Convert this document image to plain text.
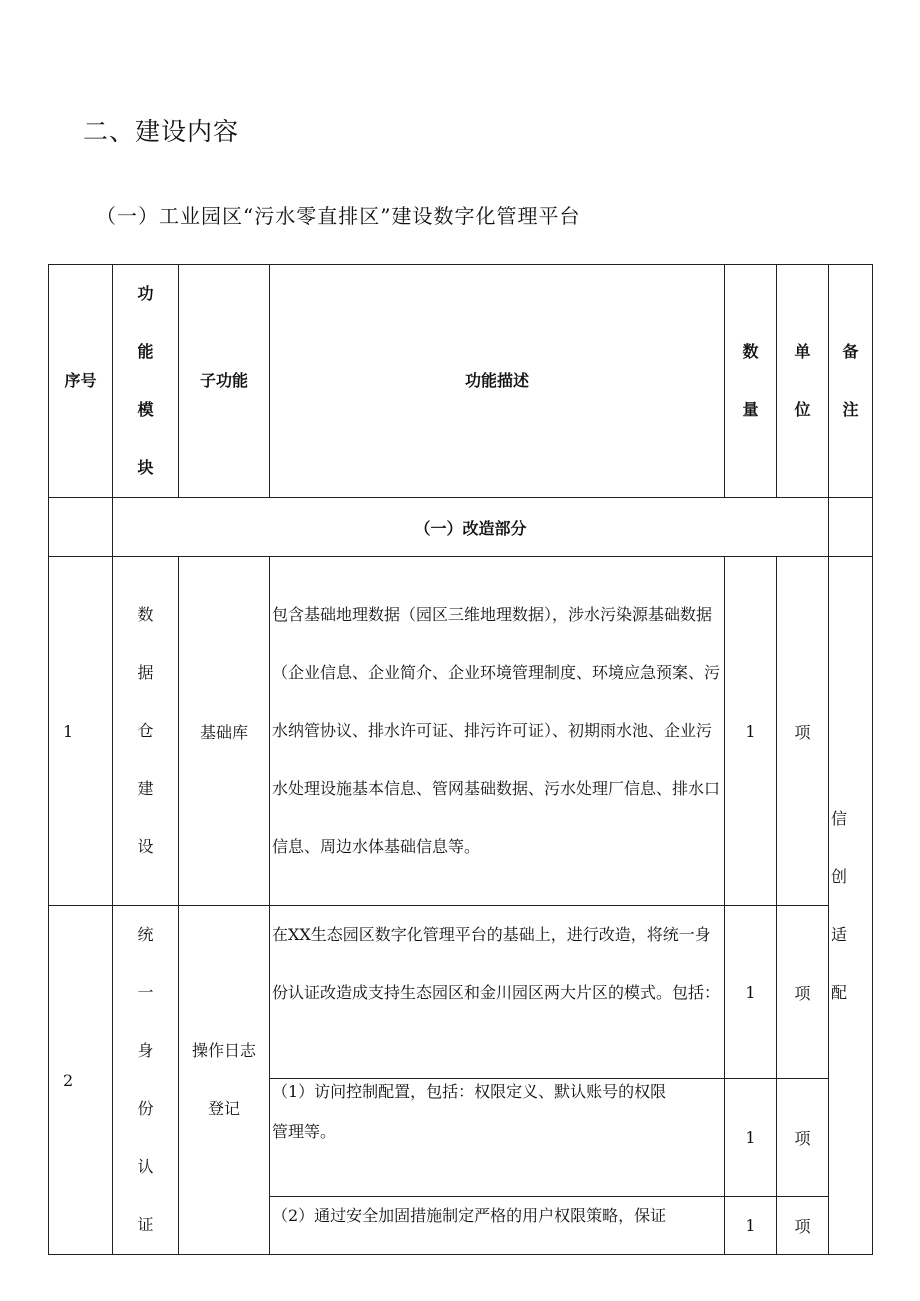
二、建设内容
（一）工业园区“污水零直排区”建设数字化管理平台
序号	功能模块	子功能	功能描述	数量	单位	备注
	（一）改造部分					
1	数据仓建设	基础库	包含基础地理数据（园区三维地理数据），涉水污染源基础数据（企业信息、企业简介、企业环境管理制度、环境应急预案、污水纳管协议、排水许可证、排污许可证）、初期雨水池、企业污水处理设施基本信息、管网基础数据、污水处理厂信息、排水口信息、周边水体基础信息等。	1	项	信创适配
2	统一身份认证	操作日志登记	在XX生态园区数字化管理平台的基础上，进行改造，将统一身份认证改造成支持生态园区和金川园区两大片区的模式。包括：	1	项	

			（1）访问控制配置，包括：权限定义、默认账号的权限
管理等。	1	项	
			（2）通过安全加固措施制定严格的用户权限策略，保证	1	项	
